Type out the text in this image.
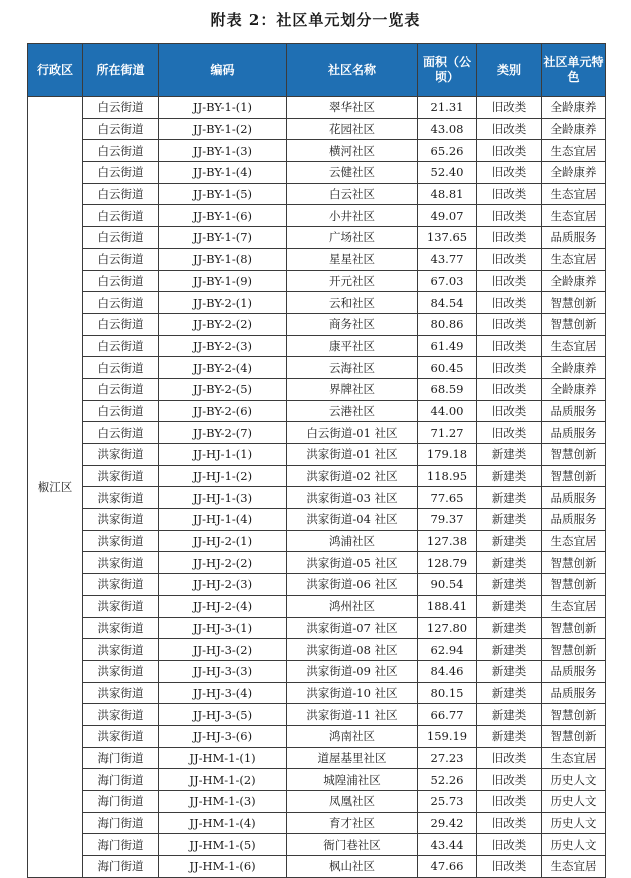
附表 2：社区单元划分一览表
行政区	所在街道	编码	社区名称	面积（公顷）	类别	社区单元特色
椒江区	白云街道	JJ-BY-1-(1)	翠华社区	21.31	旧改类	全龄康养
	白云街道	JJ-BY-1-(2)	花园社区	43.08	旧改类	全龄康养
	白云街道	JJ-BY-1-(3)	横河社区	65.26	旧改类	生态宜居
	白云街道	JJ-BY-1-(4)	云健社区	52.40	旧改类	全龄康养
	白云街道	JJ-BY-1-(5)	白云社区	48.81	旧改类	生态宜居
	白云街道	JJ-BY-1-(6)	小井社区	49.07	旧改类	生态宜居
	白云街道	JJ-BY-1-(7)	广场社区	137.65	旧改类	品质服务
	白云街道	JJ-BY-1-(8)	星星社区	43.77	旧改类	生态宜居
	白云街道	JJ-BY-1-(9)	开元社区	67.03	旧改类	全龄康养
	白云街道	JJ-BY-2-(1)	云和社区	84.54	旧改类	智慧创新
	白云街道	JJ-BY-2-(2)	商务社区	80.86	旧改类	智慧创新
	白云街道	JJ-BY-2-(3)	康平社区	61.49	旧改类	生态宜居
	白云街道	JJ-BY-2-(4)	云海社区	60.45	旧改类	全龄康养
	白云街道	JJ-BY-2-(5)	界牌社区	68.59	旧改类	全龄康养
	白云街道	JJ-BY-2-(6)	云港社区	44.00	旧改类	品质服务
	白云街道	JJ-BY-2-(7)	白云街道-01 社区	71.27	旧改类	品质服务
	洪家街道	JJ-HJ-1-(1)	洪家街道-01 社区	179.18	新建类	智慧创新
	洪家街道	JJ-HJ-1-(2)	洪家街道-02 社区	118.95	新建类	智慧创新
	洪家街道	JJ-HJ-1-(3)	洪家街道-03 社区	77.65	新建类	品质服务
	洪家街道	JJ-HJ-1-(4)	洪家街道-04 社区	79.37	新建类	品质服务
	洪家街道	JJ-HJ-2-(1)	鸿浦社区	127.38	新建类	生态宜居
	洪家街道	JJ-HJ-2-(2)	洪家街道-05 社区	128.79	新建类	智慧创新
	洪家街道	JJ-HJ-2-(3)	洪家街道-06 社区	90.54	新建类	智慧创新
	洪家街道	JJ-HJ-2-(4)	鸿州社区	188.41	新建类	生态宜居
	洪家街道	JJ-HJ-3-(1)	洪家街道-07 社区	127.80	新建类	智慧创新
	洪家街道	JJ-HJ-3-(2)	洪家街道-08 社区	62.94	新建类	智慧创新
	洪家街道	JJ-HJ-3-(3)	洪家街道-09 社区	84.46	新建类	品质服务
	洪家街道	JJ-HJ-3-(4)	洪家街道-10 社区	80.15	新建类	品质服务
	洪家街道	JJ-HJ-3-(5)	洪家街道-11 社区	66.77	新建类	智慧创新
	洪家街道	JJ-HJ-3-(6)	鸿南社区	159.19	新建类	智慧创新
	海门街道	JJ-HM-1-(1)	道屋基里社区	27.23	旧改类	生态宜居
	海门街道	JJ-HM-1-(2)	城隍浦社区	52.26	旧改类	历史人文
	海门街道	JJ-HM-1-(3)	凤凰社区	25.73	旧改类	历史人文
	海门街道	JJ-HM-1-(4)	育才社区	29.42	旧改类	历史人文
	海门街道	JJ-HM-1-(5)	衙门巷社区	43.44	旧改类	历史人文
	海门街道	JJ-HM-1-(6)	枫山社区	47.66	旧改类	生态宜居
